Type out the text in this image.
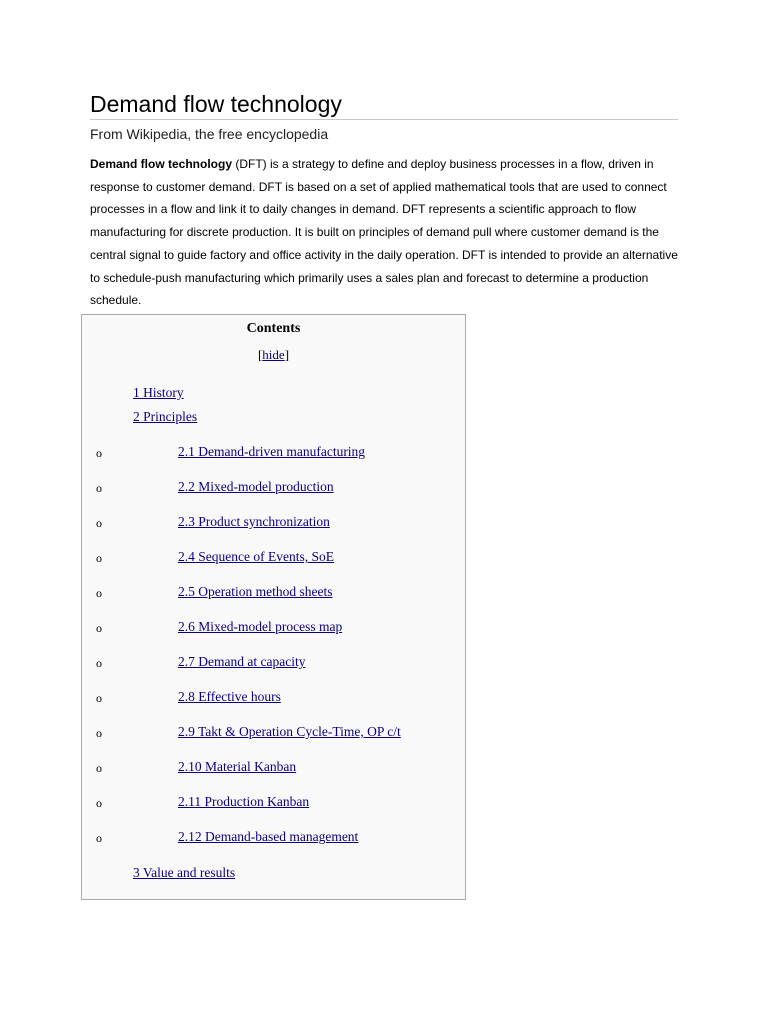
Demand flow technology
From Wikipedia, the free encyclopedia

Demand flow technology (DFT) is a strategy to define and deploy business processes in a flow, driven in response to customer demand. DFT is based on a set of applied mathematical tools that are used to connect processes in a flow and link it to daily changes in demand. DFT represents a scientific approach to flow manufacturing for discrete production. It is built on principles of demand pull where customer demand is the central signal to guide factory and office activity in the daily operation. DFT is intended to provide an alternative to schedule-push manufacturing which primarily uses a sales plan and forecast to determine a production schedule.

Contents
[hide]
1 History
2 Principles
o	2.1 Demand-driven manufacturing
o	2.2 Mixed-model production
o	2.3 Product synchronization
o	2.4 Sequence of Events, SoE
o	2.5 Operation method sheets
o	2.6 Mixed-model process map
o	2.7 Demand at capacity
o	2.8 Effective hours
o	2.9 Takt & Operation Cycle-Time, OP c/t
o	2.10 Material Kanban
o	2.11 Production Kanban
o	2.12 Demand-based management
3 Value and results
